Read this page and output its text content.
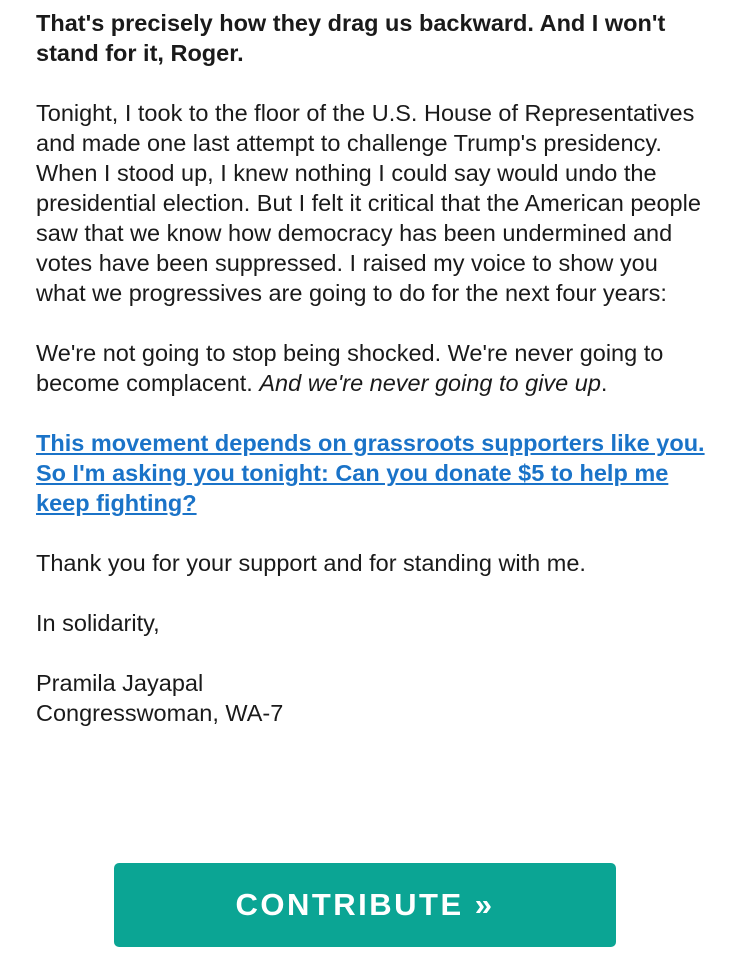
That's precisely how they drag us backward. And I won't stand for it, Roger.

Tonight, I took to the floor of the U.S. House of Representatives and made one last attempt to challenge Trump's presidency. When I stood up, I knew nothing I could say would undo the presidential election. But I felt it critical that the American people saw that we know how democracy has been undermined and votes have been suppressed. I raised my voice to show you what we progressives are going to do for the next four years:

We're not going to stop being shocked. We're never going to become complacent. And we're never going to give up.

This movement depends on grassroots supporters like you. So I'm asking you tonight: Can you donate $5 to help me keep fighting?

Thank you for your support and for standing with me.

In solidarity,

Pramila Jayapal

Congresswoman, WA-7

CONTRIBUTE »
